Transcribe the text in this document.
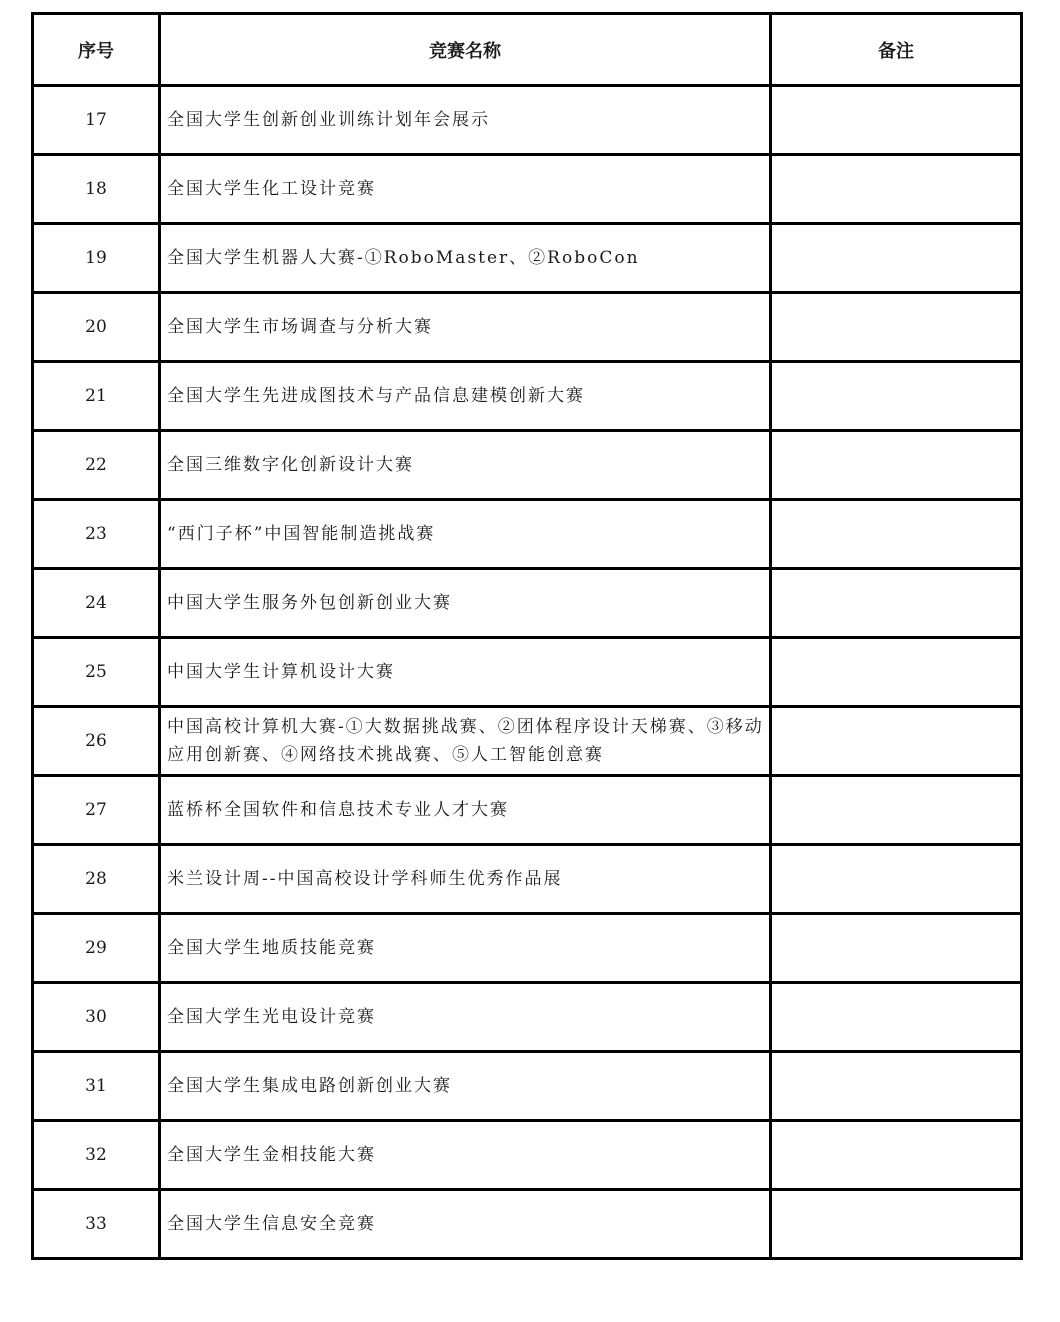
序号	竞赛名称	备注
17	全国大学生创新创业训练计划年会展示	
18	全国大学生化工设计竞赛	
19	全国大学生机器人大赛-①RoboMaster、②RoboCon	
20	全国大学生市场调查与分析大赛	
21	全国大学生先进成图技术与产品信息建模创新大赛	
22	全国三维数字化创新设计大赛	
23	“西门子杯”中国智能制造挑战赛	
24	中国大学生服务外包创新创业大赛	
25	中国大学生计算机设计大赛	
26	中国高校计算机大赛-①大数据挑战赛、②团体程序设计天梯赛、③移动应用创新赛、④网络技术挑战赛、⑤人工智能创意赛	
27	蓝桥杯全国软件和信息技术专业人才大赛	
28	米兰设计周--中国高校设计学科师生优秀作品展	
29	全国大学生地质技能竞赛	
30	全国大学生光电设计竞赛	
31	全国大学生集成电路创新创业大赛	
32	全国大学生金相技能大赛	
33	全国大学生信息安全竞赛	
